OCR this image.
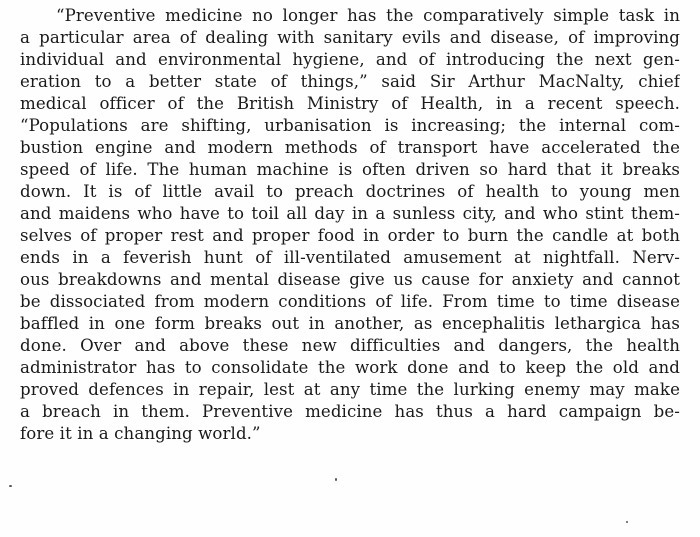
“Preventive medicine no longer has the comparatively simple task in
a particular area of dealing with sanitary evils and disease, of improving
individual and environmental hygiene, and of introducing the next gen-
eration to a better state of things,” said Sir Arthur MacNalty, chief
medical officer of the British Ministry of Health, in a recent speech.
“Populations are shifting, urbanisation is increasing; the internal com-
bustion engine and modern methods of transport have accelerated the
speed of life. The human machine is often driven so hard that it breaks
down. It is of little avail to preach doctrines of health to young men
and maidens who have to toil all day in a sunless city, and who stint them-
selves of proper rest and proper food in order to burn the candle at both
ends in a feverish hunt of ill-ventilated amusement at nightfall. Nerv-
ous breakdowns and mental disease give us cause for anxiety and cannot
be dissociated from modern conditions of life. From time to time disease
baffled in one form breaks out in another, as encephalitis lethargica has
done. Over and above these new difficulties and dangers, the health
administrator has to consolidate the work done and to keep the old and
proved defences in repair, lest at any time the lurking enemy may make
a breach in them. Preventive medicine has thus a hard campaign be-
fore it in a changing world.”
